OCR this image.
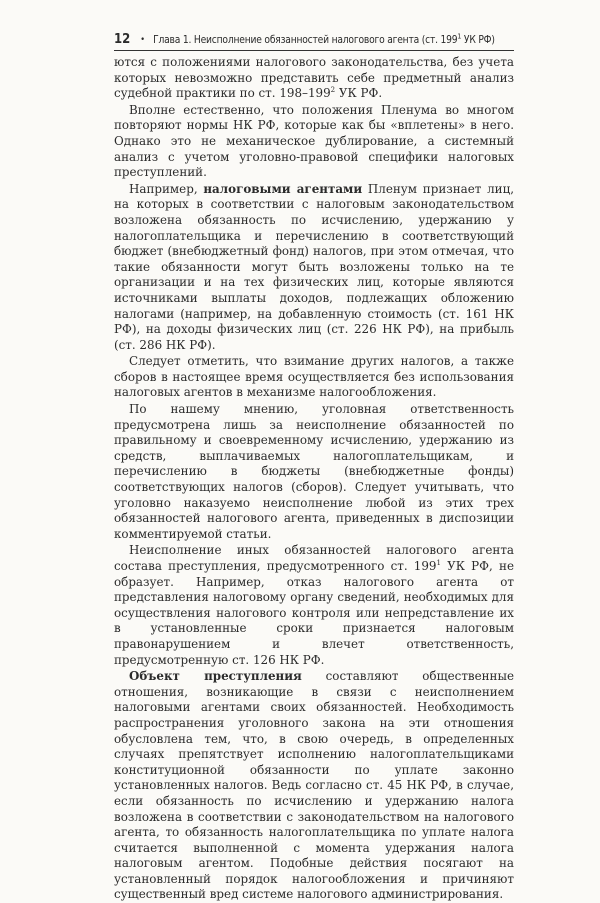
12 • Глава 1. Неисполнение обязанностей налогового агента (ст. $199^1$ УК РФ)

ются с положениями налогового законодательства, без учета которых невозможно представить себе предметный анализ судебной практики по ст. $198-199^2$ УК РФ.

Вполне естественно, что положения Пленума во многом повторяют нормы НК РФ, которые как бы «вплетены» в него. Однако это не механическое дублирование, а системный анализ с учетом уголовно-правовой специфики налоговых преступлений.

Например, налоговыми агентами Пленум признает лиц, на которых в соответствии с налоговым законодательством возложена обязанность по исчислению, удержанию у налогоплательщика и перечислению в соответствующий бюджет (внебюджетный фонд) налогов, при этом отмечая, что такие обязанности могут быть возложены только на те организации и на тех физических лиц, которые являются источниками выплаты доходов, подлежащих обложению налогами (например, на добавленную стоимость (ст. 161 НК РФ), на доходы физических лиц (ст. 226 НК РФ), на прибыль (ст. 286 НК РФ).

Следует отметить, что взимание других налогов, а также сборов в настоящее время осуществляется без использования налоговых агентов в механизме налогообложения.

По нашему мнению, уголовная ответственность предусмотрена лишь за неисполнение обязанностей по правильному и своевременному исчислению, удержанию из средств, выплачиваемых налогоплательщикам, и перечислению в бюджеты (внебюджетные фонды) соответствующих налогов (сборов). Следует учитывать, что уголовно наказуемо неисполнение любой из этих трех обязанностей налогового агента, приведенных в диспозиции комментируемой статьи.

Неисполнение иных обязанностей налогового агента состава преступления, предусмотренного ст. $199^1$ УК РФ, не образует. Например, отказ налогового агента от представления налоговому органу сведений, необходимых для осуществления налогового контроля или непредставление их в установленные сроки признается налоговым правонарушением и влечет ответственность, предусмотренную ст. 126 НК РФ.

Объект преступления составляют общественные отношения, возникающие в связи с неисполнением налоговыми агентами своих обязанностей. Необходимость распространения уголовного закона на эти отношения обусловлена тем, что, в свою очередь, в определенных случаях препятствует исполнению налогоплательщиками конституционной обязанности по уплате законно установленных налогов. Ведь согласно ст. 45 НК РФ, в случае, если обязанность по исчислению и удержанию налога возложена в соответствии с законодательством на налогового агента, то обязанность налогоплательщика по уплате налога считается выполненной с момента удержания налога налоговым агентом. Подобные действия посягают на установленный порядок налогообложения и причиняют существенный вред системе налогового администрирования.
